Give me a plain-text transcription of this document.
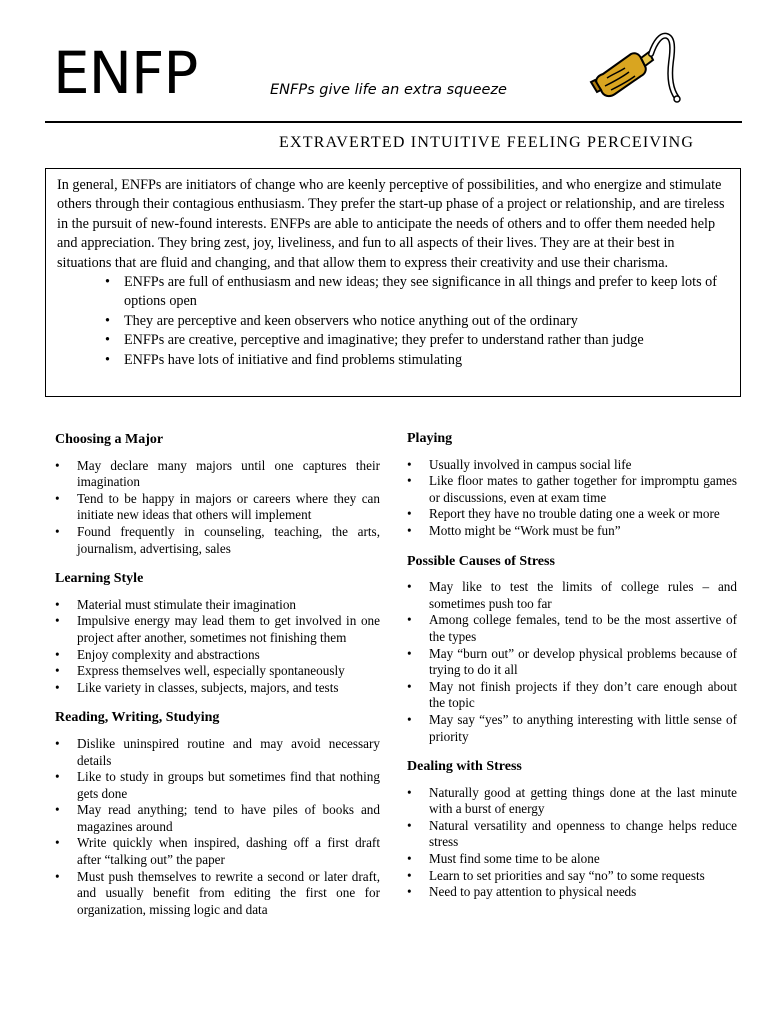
ENFP	ENFPs give life an extra squeeze
EXTRAVERTED INTUITIVE FEELING PERCEIVING

In general, ENFPs are initiators of change who are keenly perceptive of possibilities, and who energize and stimulate others through their contagious enthusiasm. They prefer the start-up phase of a project or relationship, and are tireless in the pursuit of new-found interests. ENFPs are able to anticipate the needs of others and to offer them needed help and appreciation. They bring zest, joy, liveliness, and fun to all aspects of their lives. They are at their best in situations that are fluid and changing, and that allow them to express their creativity and use their charisma.

• ENFPs are full of enthusiasm and new ideas; they see significance in all things and prefer to keep lots of options open
• They are perceptive and keen observers who notice anything out of the ordinary
• ENFPs are creative, perceptive and imaginative; they prefer to understand rather than judge
• ENFPs have lots of initiative and find problems stimulating
Choosing a Major
• May declare many majors until one captures their imagination
• Tend to be happy in majors or careers where they can initiate new ideas that others will implement
• Found frequently in counseling, teaching, the arts, journalism, advertising, sales
Learning Style
• Material must stimulate their imagination
• Impulsive energy may lead them to get involved in one project after another, sometimes not finishing them
• Enjoy complexity and abstractions
• Express themselves well, especially spontaneously
• Like variety in classes, subjects, majors, and tests
Reading, Writing, Studying
• Dislike uninspired routine and may avoid necessary details
• Like to study in groups but sometimes find that nothing gets done
• May read anything; tend to have piles of books and magazines around
• Write quickly when inspired, dashing off a first draft after “talking out” the paper
• Must push themselves to rewrite a second or later draft, and usually benefit from editing the first one for organization, missing logic and data
Playing
• Usually involved in campus social life
• Like floor mates to gather together for impromptu games or discussions, even at exam time
• Report they have no trouble dating one a week or more
• Motto might be “Work must be fun”
Possible Causes of Stress
• May like to test the limits of college rules – and sometimes push too far
• Among college females, tend to be the most assertive of the types
• May “burn out” or develop physical problems because of trying to do it all
• May not finish projects if they don’t care enough about the topic
• May say “yes” to anything interesting with little sense of priority
Dealing with Stress
• Naturally good at getting things done at the last minute with a burst of energy
• Natural versatility and openness to change helps reduce stress
• Must find some time to be alone
• Learn to set priorities and say “no” to some requests
• Need to pay attention to physical needs
